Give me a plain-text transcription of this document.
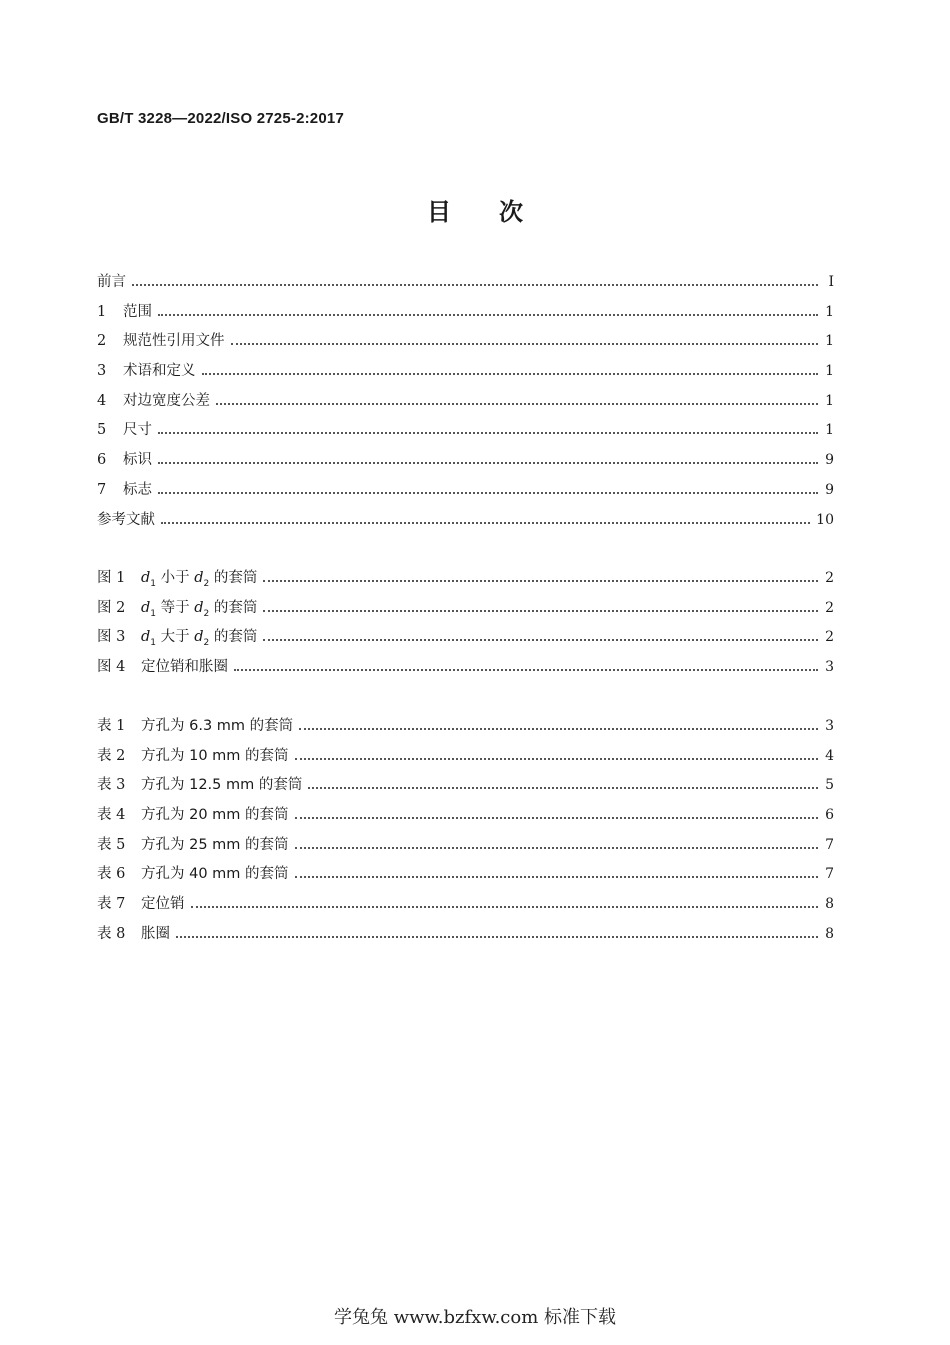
GB/T 3228—2022/ISO 2725-2:2017
目次
前言	Ⅰ
1	范围	1
2	规范性引用文件	1
3	术语和定义	1
4	对边宽度公差	1
5	尺寸	1
6	标识	9
7	标志	9
参考文献	10
图 1	$d_1$ 小于 $d_2$ 的套筒	2
图 2	$d_1$ 等于 $d_2$ 的套筒	2
图 3	$d_1$ 大于 $d_2$ 的套筒	2
图 4	定位销和胀圈	3
表 1	方孔为 6.3 mm 的套筒	3
表 2	方孔为 10 mm 的套筒	4
表 3	方孔为 12.5 mm 的套筒	5
表 4	方孔为 20 mm 的套筒	6
表 5	方孔为 25 mm 的套筒	7
表 6	方孔为 40 mm 的套筒	7
表 7	定位销	8
表 8	胀圈	8
学兔兔 www.bzfxw.com 标准下载
